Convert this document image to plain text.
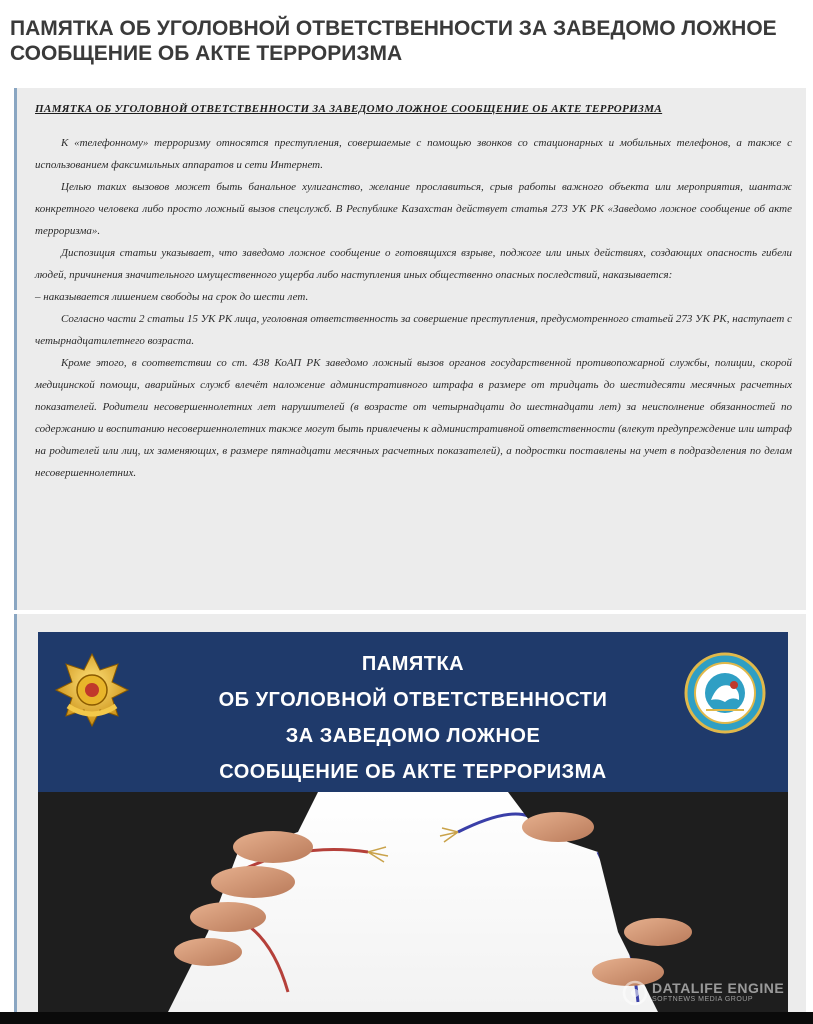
ПАМЯТКА ОБ УГОЛОВНОЙ ОТВЕТСТВЕННОСТИ ЗА ЗАВЕДОМО ЛОЖНОЕ СООБЩЕНИЕ ОБ АКТЕ ТЕРРОРИЗМА
ПАМЯТКА ОБ УГОЛОВНОЙ ОТВЕТСТВЕННОСТИ ЗА ЗАВЕДОМО ЛОЖНОЕ СООБЩЕНИЕ ОБ АКТЕ ТЕРРОРИЗМА

К «телефонному» терроризму относятся преступления, совершаемые с помощью звонков со стационарных и мобильных телефонов, а также с использованием факсимильных аппаратов и сети Интернет.

Целью таких вызовов может быть банальное хулиганство, желание прославиться, срыв работы важного объекта или мероприятия, шантаж конкретного человека либо просто ложный вызов спецслужб. В Республике Казахстан действует статья 273 УК РК «Заведомо ложное сообщение об акте терроризма».

Диспозиция статьи указывает, что заведомо ложное сообщение о готовящихся взрыве, поджоге или иных действиях, создающих опасность гибели людей, причинения значительного имущественного ущерба либо наступления иных общественно опасных последствий, наказывается:

– наказывается лишением свободы на срок до шести лет.

Согласно части 2 статьи 15 УК РК лица, уголовная ответственность за совершение преступления, предусмотренного статьей 273 УК РК, наступает с четырнадцатилетнего возраста.

Кроме этого, в соответствии со ст. 438 КоАП РК заведомо ложный вызов органов государственной противопожарной службы, полиции, скорой медицинской помощи, аварийных служб влечёт наложение административного штрафа в размере от тридцать до шестидесяти месячных расчетных показателей. Родители несовершеннолетних лет нарушителей (в возрасте от четырнадцати до шестнадцати лет) за неисполнение обязанностей по содержанию и воспитанию несовершеннолетних также могут быть привлечены к административной ответственности (влекут предупреждение или штраф на родителей или лиц, их заменяющих, в размере пятнадцати месячных расчетных показателей), а подростки поставлены на учет в подразделения по делам несовершеннолетних.

ПАМЯТКА
ОБ УГОЛОВНОЙ ОТВЕТСТВЕННОСТИ
ЗА ЗАВЕДОМО ЛОЖНОЕ
СООБЩЕНИЕ ОБ АКТЕ ТЕРРОРИЗМА
DATALIFE ENGINE
SOFTNEWS MEDIA GROUP
